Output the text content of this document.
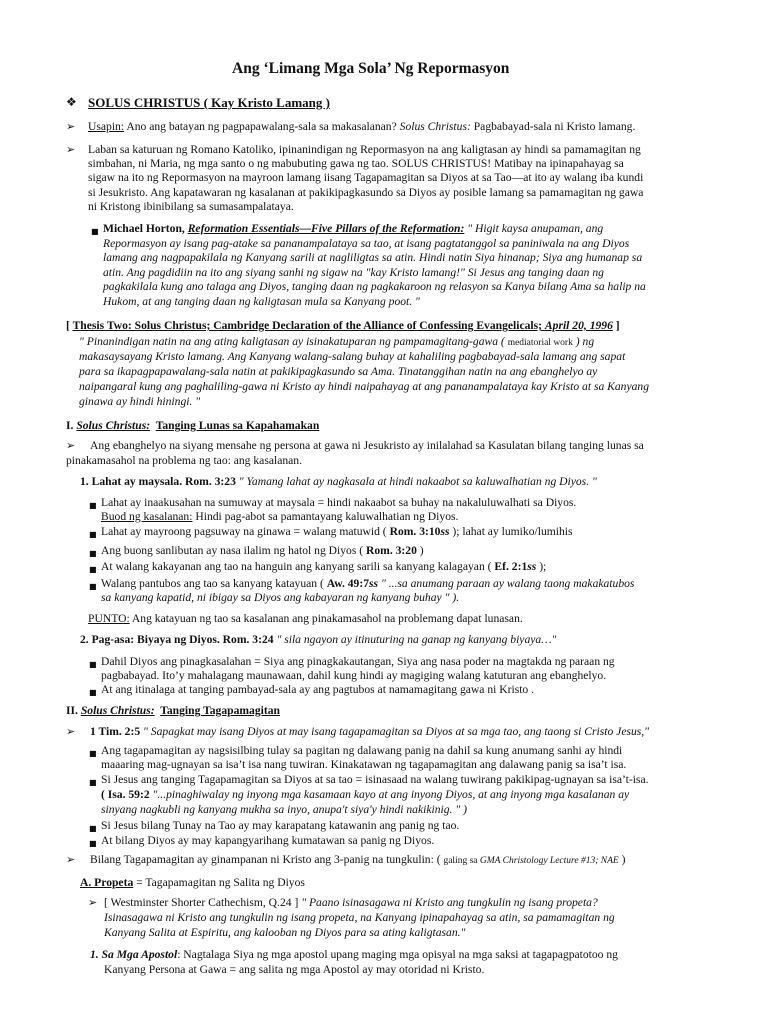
Ang ‘Limang Mga Sola’ Ng Repormasyon
❖ SOLUS CHRISTUS ( Kay Kristo Lamang )
➢ Usapin: Ano ang batayan ng pagpapawalang-sala sa makasalanan? Solus Christus: Pagbabayad-sala ni Kristo lamang.
➢ Laban sa katuruan ng Romano Katoliko, ipinanindigan ng Repormasyon na ang kaligtasan ay hindi sa pamamagitan ng
simbahan, ni Maria, ng mga santo o ng mabubuting gawa ng tao. SOLUS CHRISTUS! Matibay na ipinapahayag sa
sigaw na ito ng Repormasyon na mayroon lamang iisang Tagapamagitan sa Diyos at sa Tao—at ito ay walang iba kundi
si Jesukristo. Ang kapatawaran ng kasalanan at pakikipagkasundo sa Diyos ay posible lamang sa pamamagitan ng gawa
ni Kristong ibinibilang sa sumasampalataya.
■ Michael Horton, Reformation Essentials—Five Pillars of the Reformation: " Higit kaysa anupaman, ang
Repormasyon ay isang pag-atake sa pananampalataya sa tao, at isang pagtatanggol sa paniniwala na ang Diyos
lamang ang nagpapakilala ng Kanyang sarili at nagliligtas sa atin. Hindi natin Siya hinanap; Siya ang humanap sa
atin. Ang pagdidiin na ito ang siyang sanhi ng sigaw na "kay Kristo lamang!" Si Jesus ang tanging daan ng
pagkakilala kung ano talaga ang Diyos, tanging daan ng pagkakaroon ng relasyon sa Kanya bilang Ama sa halip na
Hukom, at ang tanging daan ng kaligtasan mula sa Kanyang poot. "
[ Thesis Two: Solus Christus; Cambridge Declaration of the Alliance of Confessing Evangelicals; April 20, 1996 ]
" Pinanindigan natin na ang ating kaligtasan ay isinakatuparan ng pampamagitang-gawa ( mediatorial work ) ng
makasaysayang Kristo lamang. Ang Kanyang walang-salang buhay at kahaliling pagbabayad-sala lamang ang sapat
para sa ikapagpapawalang-sala natin at pakikipagkasundo sa Ama. Tinatanggihan natin na ang ebanghelyo ay
naipangaral kung ang paghaliling-gawa ni Kristo ay hindi naipahayag at ang pananampalataya kay Kristo at sa Kanyang
ginawa ay hindi hiningi. "
I. Solus Christus: Tanging Lunas sa Kapahamakan
➢ Ang ebanghelyo na siyang mensahe ng persona at gawa ni Jesukristo ay inilalahad sa Kasulatan bilang tanging lunas sa
pinakamasahol na problema ng tao: ang kasalanan.
1. Lahat ay maysala. Rom. 3:23 " Yamang lahat ay nagkasala at hindi nakaabot sa kaluwalhatian ng Diyos. "
■ Lahat ay inaakusahan na sumuway at maysala = hindi nakaabot sa buhay na nakaluluwalhati sa Diyos.
Buod ng kasalanan: Hindi pag-abot sa pamantayang kaluwalhatian ng Diyos.
■ Lahat ay mayroong pagsuway na ginawa = walang matuwid ( Rom. 3:10ss ); lahat ay lumiko/lumihis
■ Ang buong sanlibutan ay nasa ilalim ng hatol ng Diyos ( Rom. 3:20 )
■ At walang kakayanan ang tao na hanguin ang kanyang sarili sa kanyang kalagayan ( Ef. 2:1ss );
■ Walang pantubos ang tao sa kanyang katayuan ( Aw. 49:7ss " ...sa anumang paraan ay walang taong makakatubos
sa kanyang kapatid, ni ibigay sa Diyos ang kabayaran ng kanyang buhay " ).
PUNTO: Ang katayuan ng tao sa kasalanan ang pinakamasahol na problemang dapat lunasan.
2. Pag-asa: Biyaya ng Diyos. Rom. 3:24 " sila ngayon ay itinuturing na ganap ng kanyang biyaya…"
■ Dahil Diyos ang pinagkasalahan = Siya ang pinagkakautangan, Siya ang nasa poder na magtakda ng paraan ng
pagbabayad. Ito’y mahalagang maunawaan, dahil kung hindi ay magiging walang katuturan ang ebanghelyo.
■ At ang itinalaga at tanging pambayad-sala ay ang pagtubos at namamagitang gawa ni Kristo .
II. Solus Christus: Tanging Tagapamagitan
➢ 1 Tim. 2:5 " Sapagkat may isang Diyos at may isang tagapamagitan sa Diyos at sa mga tao, ang taong si Cristo Jesus,"
■ Ang tagapamagitan ay nagsisilbing tulay sa pagitan ng dalawang panig na dahil sa kung anumang sanhi ay hindi
maaaring mag-ugnayan sa isa’t isa nang tuwiran. Kinakatawan ng tagapamagitan ang dalawang panig sa isa’t isa.
■ Si Jesus ang tanging Tagapamagitan sa Diyos at sa tao = isinasaad na walang tuwirang pakikipag-ugnayan sa isa’t-isa.
( Isa. 59:2 "...pinaghiwalay ng inyong mga kasamaan kayo at ang inyong Diyos, at ang inyong mga kasalanan ay
sinyang nagkubli ng kanyang mukha sa inyo, anupa't siya'y hindi nakikinig. " )
■ Si Jesus bilang Tunay na Tao ay may karapatang katawanin ang panig ng tao.
■ At bilang Diyos ay may kapangyarihang kumatawan sa panig ng Diyos.
➢ Bilang Tagapamagitan ay ginampanan ni Kristo ang 3-panig na tungkulin: ( galing sa GMA Christology Lecture #13; NAE )
A. Propeta = Tagapamagitan ng Salita ng Diyos
➢ [ Westminster Shorter Cathechism, Q.24 ] " Paano isinasagawa ni Kristo ang tungkulin ng isang propeta?
Isinasagawa ni Kristo ang tungkulin ng isang propeta, na Kanyang ipinapahayag sa atin, sa pamamagitan ng
Kanyang Salita at Espiritu, ang kalooban ng Diyos para sa ating kaligtasan."
1. Sa Mga Apostol: Nagtalaga Siya ng mga apostol upang maging mga opisyal na mga saksi at tagapagpatotoo ng
Kanyang Persona at Gawa = ang salita ng mga Apostol ay may otoridad ni Kristo.
